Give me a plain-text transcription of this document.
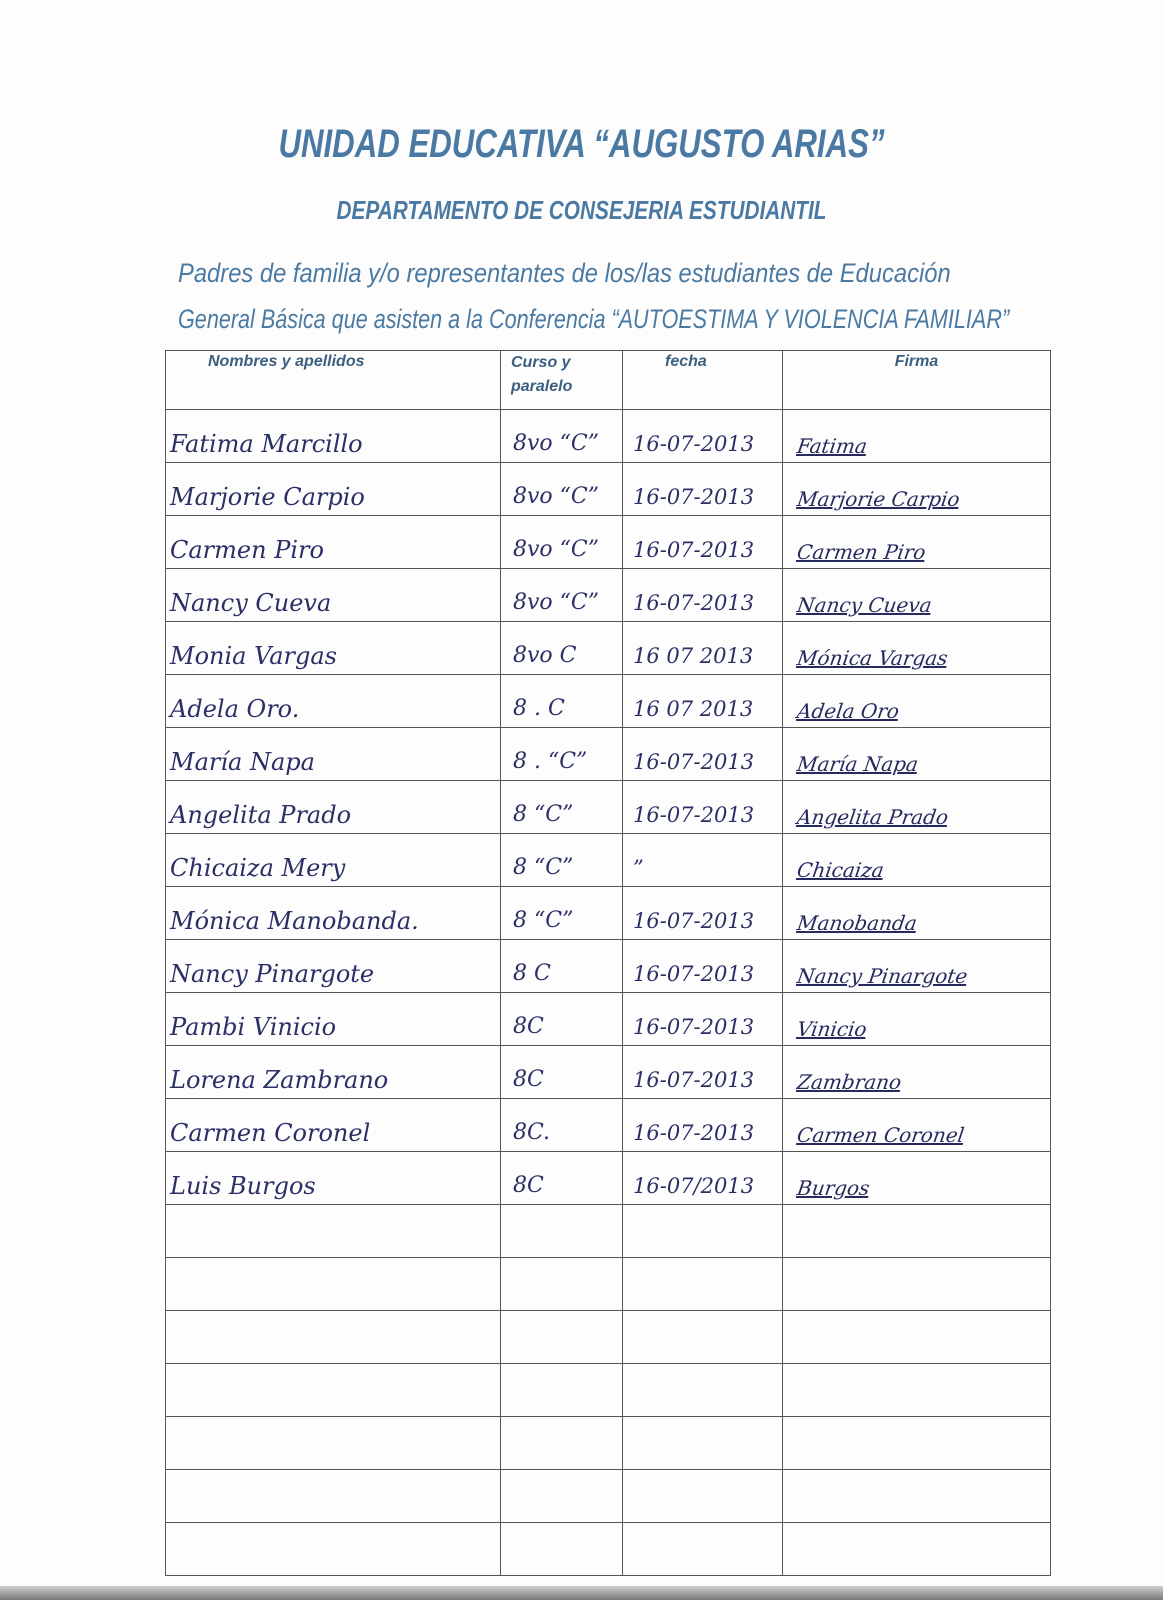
UNIDAD EDUCATIVA “AUGUSTO ARIAS”
DEPARTAMENTO DE CONSEJERIA ESTUDIANTIL
Padres de familia y/o representantes de los/las estudiantes de Educación
General Básica que asisten a la Conferencia “AUTOESTIMA Y VIOLENCIA FAMILIAR”
Nombres y apellidos	Curso y paralelo	fecha	Firma

Fatima Marcillo	8vo “C”	16-07-2013	Fatima

Marjorie Carpio	8vo “C”	16-07-2013	Marjorie Carpio

Carmen Piro	8vo “C”	16-07-2013	Carmen Piro

Nancy Cueva	8vo “C”	16-07-2013	Nancy Cueva

Monia Vargas	8vo C	16 07 2013	Mónica Vargas

Adela Oro.	8 . C	16 07 2013	Adela Oro

María Napa	8 . “C”	16-07-2013	María Napa

Angelita Prado	8 “C”	16-07-2013	Angelita Prado

Chicaiza Mery	8 “C”	”	Chicaiza

Mónica Manobanda.	8 “C”	16-07-2013	Manobanda

Nancy Pinargote	8 C	16-07-2013	Nancy Pinargote

Pambi Vinicio	8C	16-07-2013	Vinicio

Lorena Zambrano	8C	16-07-2013	Zambrano

Carmen Coronel	8C.	16-07-2013	Carmen Coronel

Luis Burgos	8C	16-07/2013	Burgos
